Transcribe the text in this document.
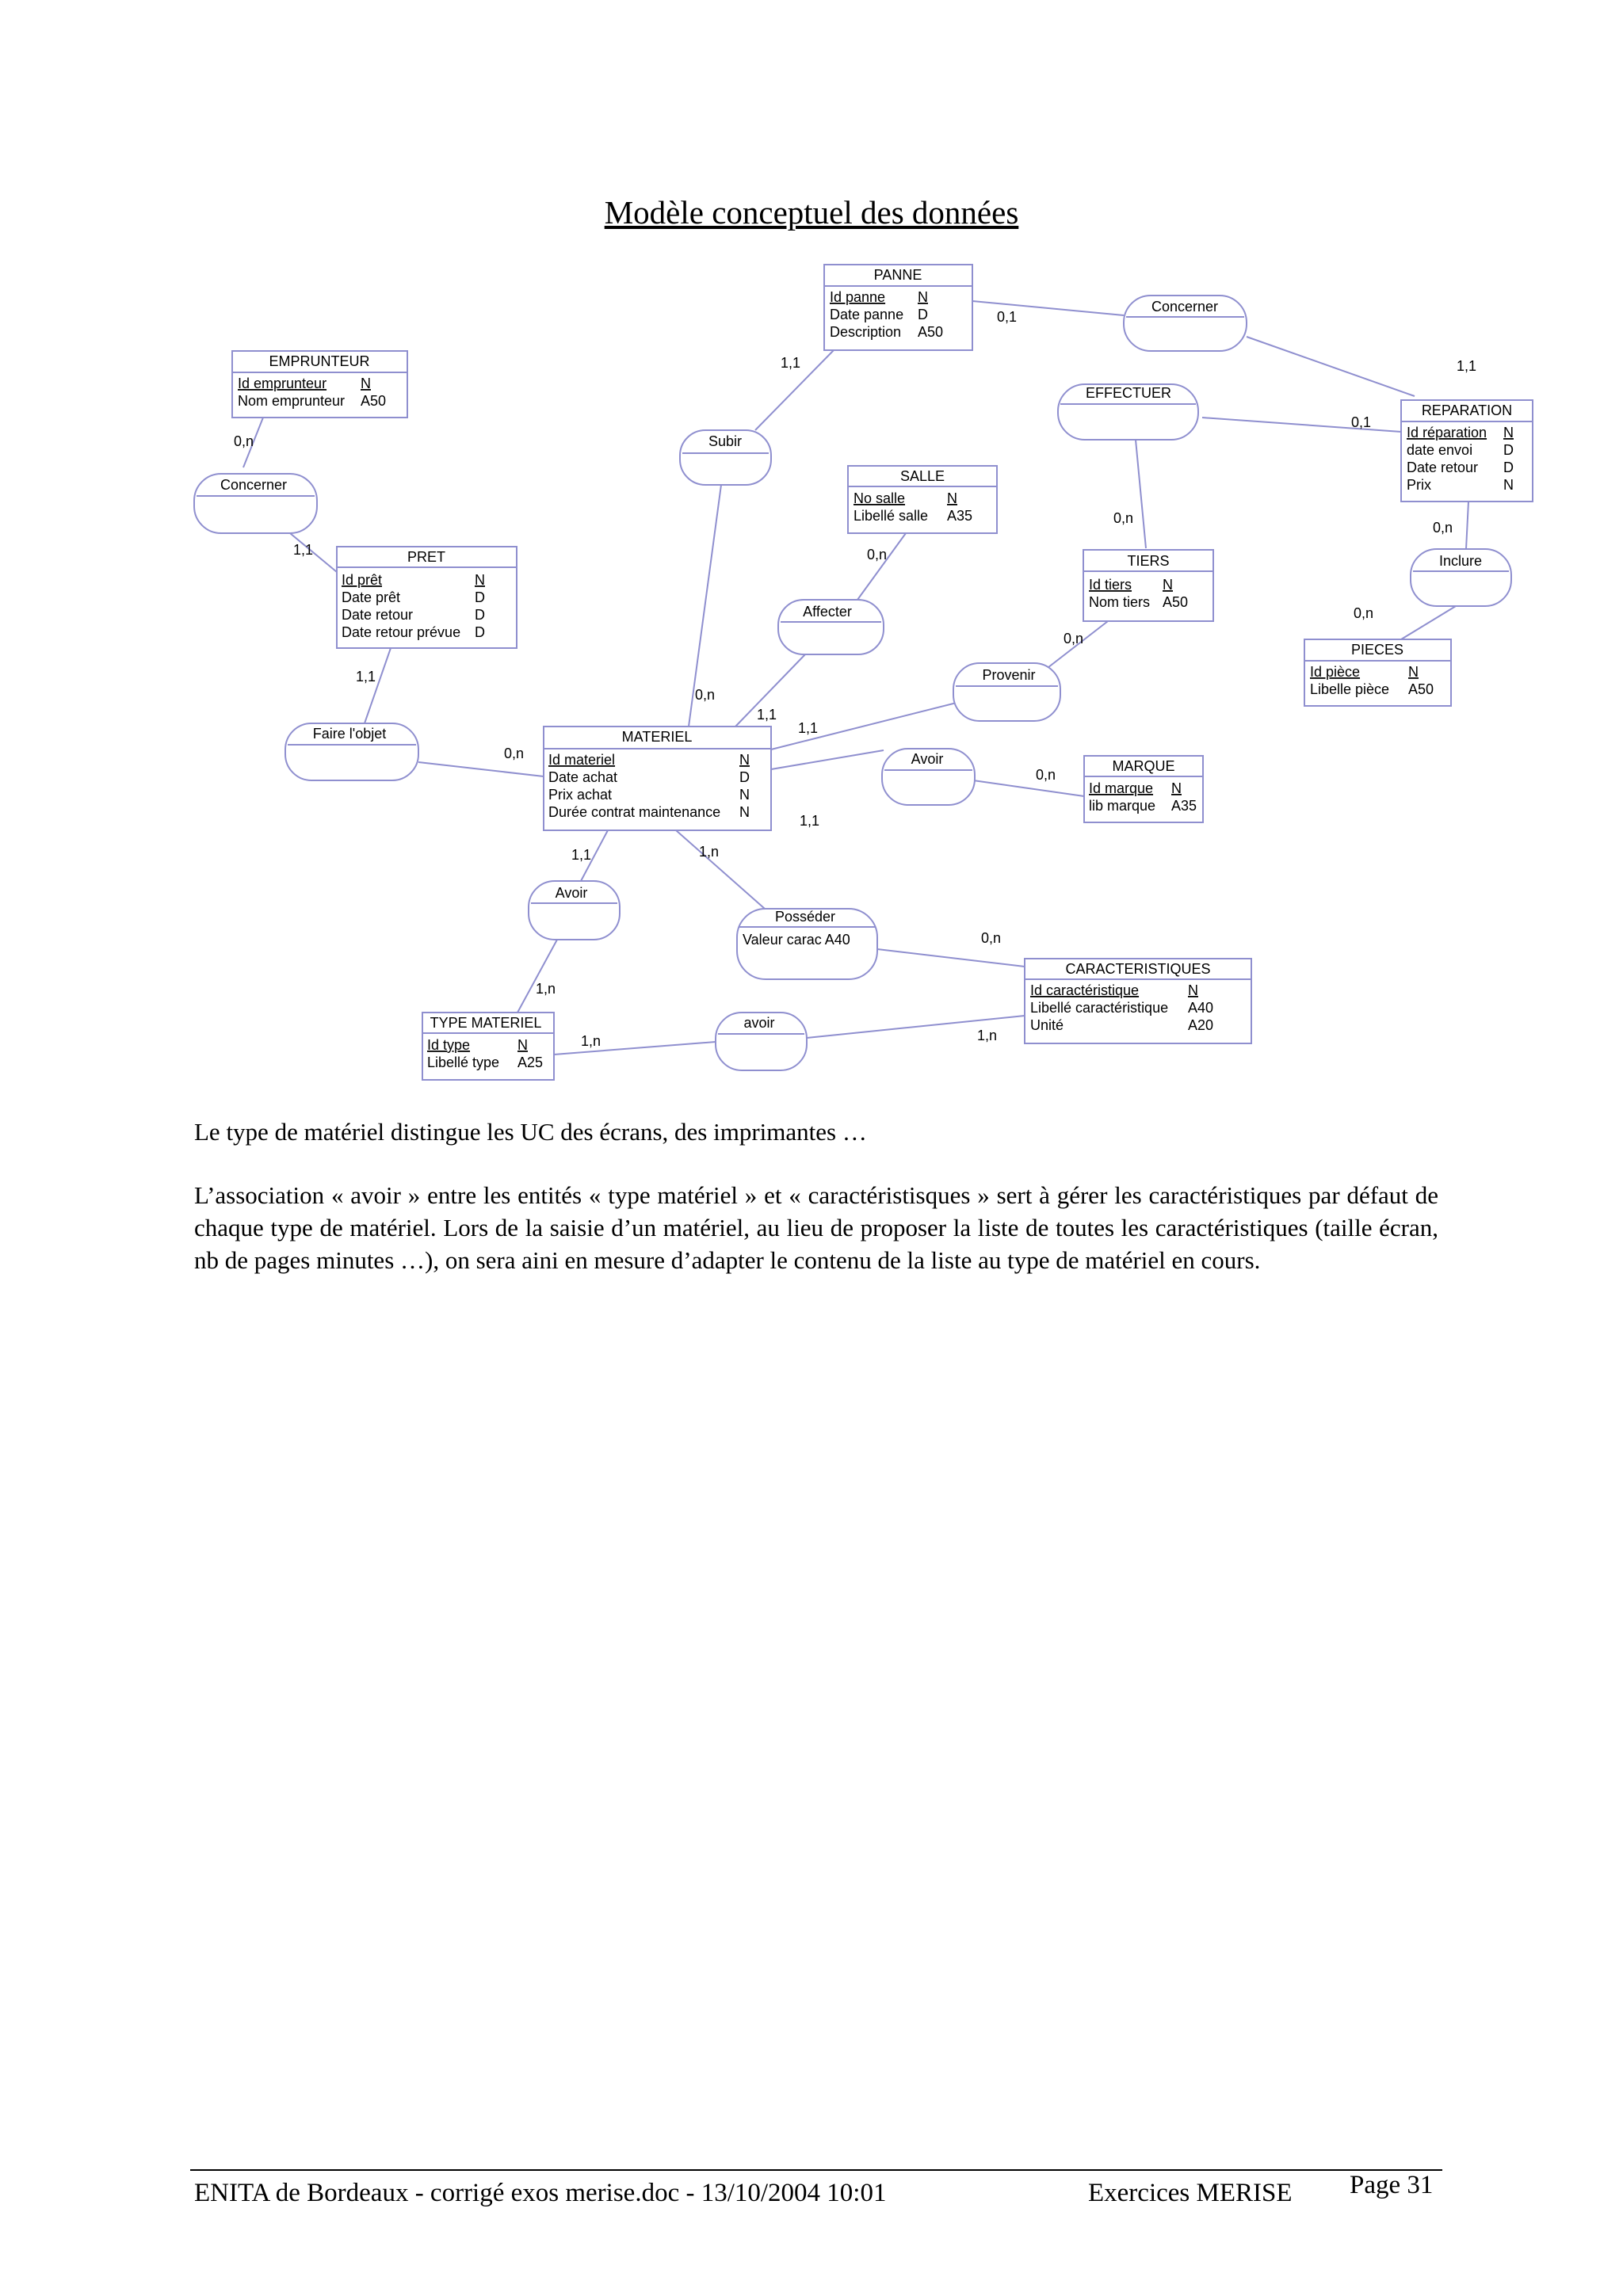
Modèle conceptuel des données
PANNE
Id panne N
Date panne D
Description A50
EMPRUNTEUR
Id emprunteur N
Nom emprunteur A50
SALLE
No salle	N
Libellé salle A35
REPARATION
Id réparation N
date envoi D
Date retour D
Prix	N
PRET
Id prêt	N
Date prêt	D
Date retour	D
Date retour prévue D
TIERS
Id tiers N
Nom tiers A50
PIECES
Id pièce	N
Libelle pièce A50
MATERIEL
Id materiel	N
Date achat	D
Prix achat	N
Durée contrat maintenance N
MARQUE
Id marque N
lib marque A35
CARACTERISTIQUES
Id caractéristique	N
Libellé caractéristique A40
Unité	A20
TYPE MATERIEL
Id type	N
Libellé type A25
Concerner
EFFECTUER
Concerner
Subir
Affecter
Inclure
Provenir
Faire l'objet
Avoir
Avoir
Posséder
Valeur carac A40
avoir
0,1
1,1
0,1
0,n
0,n
1,1
1,1
0,n
0,n
0,n
0,n
1,1
0,n
1,1
1,1
0,n
1,1
0,n
1,1	1,n
0,n
1,n
1,n	1,n

Le type de matériel distingue les UC des écrans, des imprimantes …

L’association « avoir » entre les entités « type matériel » et « caractéristisques » sert à gérer les caractéristiques par défaut de chaque type de matériel. Lors de la saisie d’un matériel, au lieu de proposer la liste de toutes les caractéristiques (taille écran, nb de pages minutes …), on sera aini en mesure d’adapter le contenu de la liste au type de matériel en cours.

ENITA de Bordeaux - corrigé exos merise.doc - 13/10/2004 10:01	Exercices MERISE Page 31
